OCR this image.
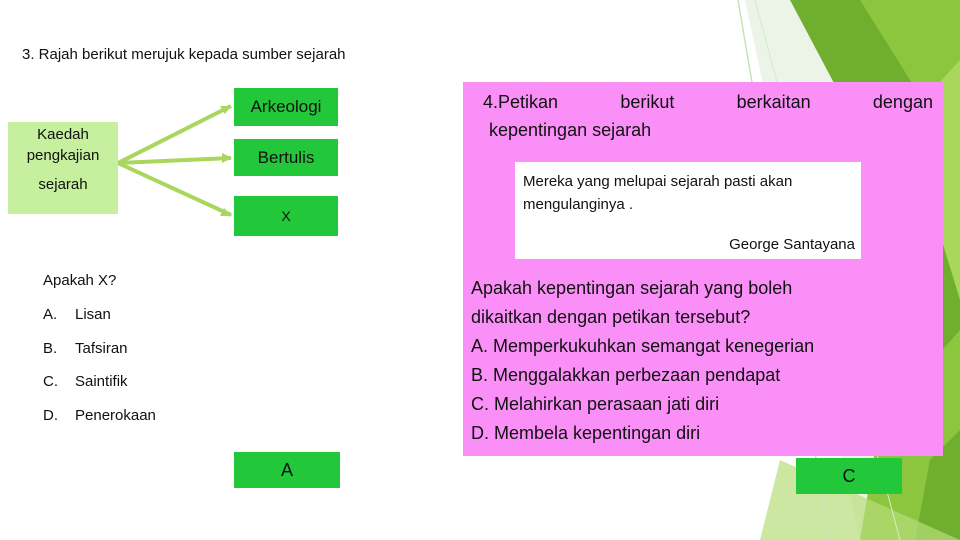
3. Rajah berikut merujuk kepada sumber sejarah
Kaedah
pengkajian
sejarah
Arkeologi
Bertulis
X
Apakah X?
A. Lisan
B. Tafsiran
C. Saintifik
D. Penerokaan
A
4.Petikan	berikut	berkaitan	dengan
kepentingan sejarah
Mereka yang melupai sejarah pasti akan mengulanginya .
George Santayana
Apakah kepentingan sejarah yang boleh
dikaitkan dengan petikan tersebut?
A. Memperkukuhkan semangat kenegerian
B. Menggalakkan perbezaan pendapat
C. Melahirkan perasaan jati diri
D. Membela kepentingan diri
C
